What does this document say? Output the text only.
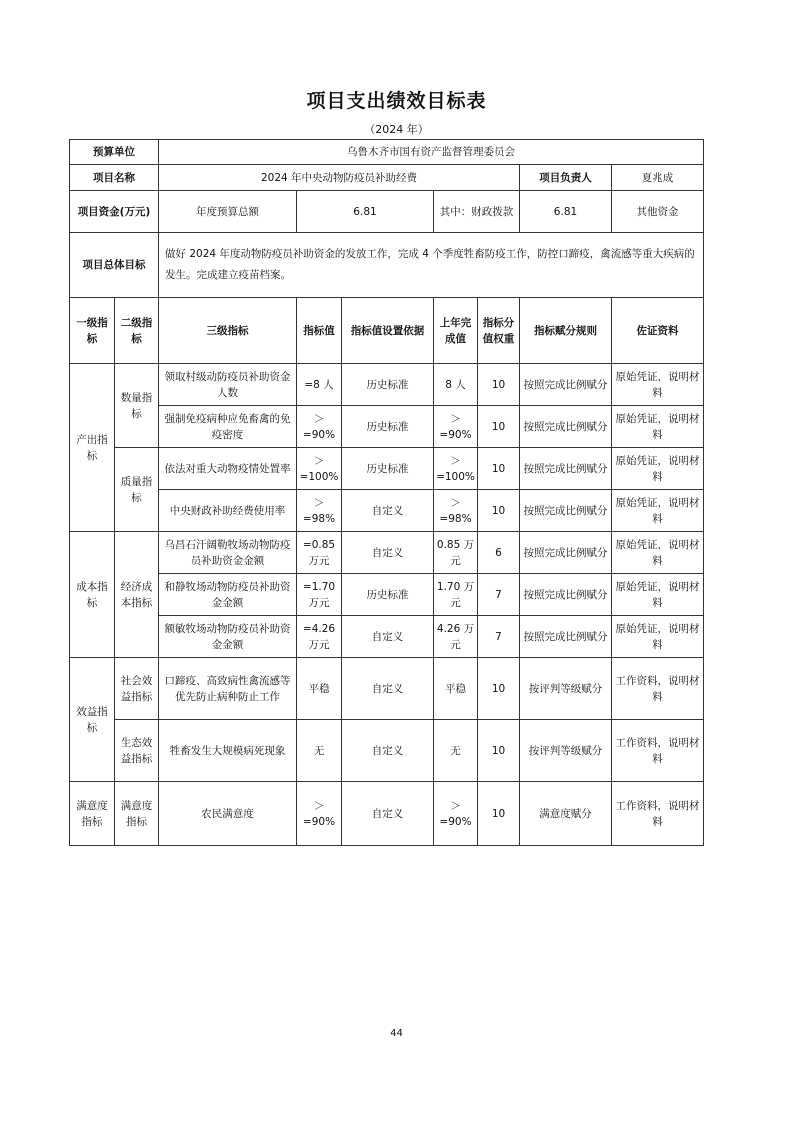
项目支出绩效目标表
（2024 年）
预算单位		乌鲁木齐市国有资产监督管理委员会						
项目名称		2024 年中央动物防疫员补助经费					项目负责人	夏兆成
项目资金(万元)		年度预算总额	6.81		其中：财政拨款		6.81	其他资金
项目总体目标		做好 2024 年度动物防疫员补助资金的发放工作，完成 4 个季度牲畜防疫工作，防控口蹄疫，禽流感等重大疾病的发生。完成建立疫苗档案。						
一级指标	二级指标	三级指标	指标值	指标值设置依据	上年完成值	指标分值权重	指标赋分规则	佐证资料
产出指标	数量指标	领取村级动防疫员补助资金人数	=8 人	历史标准	8 人	10	按照完成比例赋分	原始凭证，说明材料
		强制免疫病种应免畜禽的免疫密度	＞=90%	历史标准	＞=90%	10	按照完成比例赋分	原始凭证，说明材料
	质量指标	依法对重大动物疫情处置率	＞=100%	历史标准	＞=100%	10	按照完成比例赋分	原始凭证，说明材料
		中央财政补助经费使用率	＞=98%	自定义	＞=98%	10	按照完成比例赋分	原始凭证，说明材料
成本指标	经济成本指标	乌昌石汗阔勒牧场动物防疫员补助资金金额	=0.85 万元	自定义	0.85 万元	6	按照完成比例赋分	原始凭证，说明材料
		和静牧场动物防疫员补助资金金额	=1.70 万元	历史标准	1.70 万元	7	按照完成比例赋分	原始凭证，说明材料
		额敏牧场动物防疫员补助资金金额	=4.26 万元	自定义	4.26 万元	7	按照完成比例赋分	原始凭证，说明材料
效益指标	社会效益指标	口蹄疫、高致病性禽流感等优先防止病种防止工作	平稳	自定义	平稳	10	按评判等级赋分	工作资料，说明材料
	生态效益指标	牲畜发生大规模病死现象	无	自定义	无	10	按评判等级赋分	工作资料，说明材料
满意度指标	满意度指标	农民满意度	＞=90%	自定义	＞=90%	10	满意度赋分	工作资料，说明材料
44
